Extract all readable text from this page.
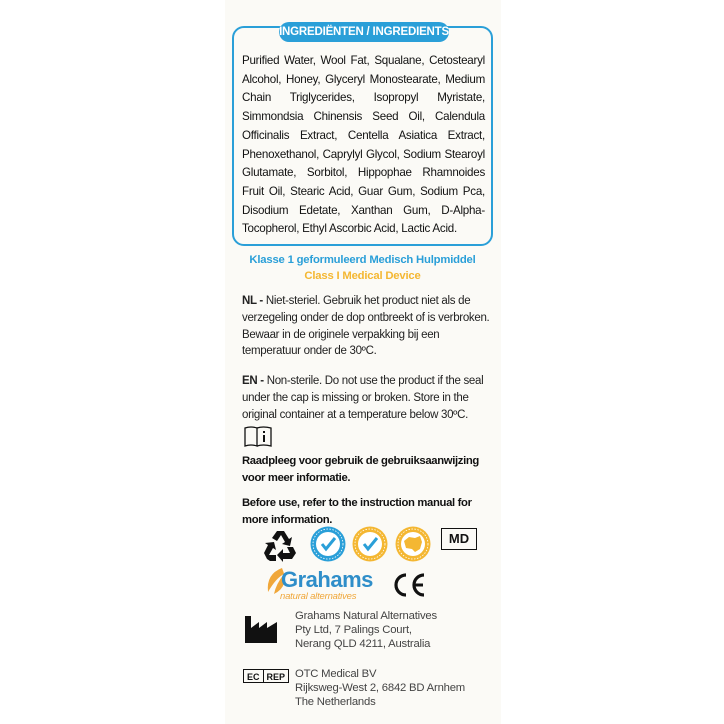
INGREDIËNTEN / INGREDIENTS
Purified Water, Wool Fat, Squalane, Cetostearyl Alcohol, Honey, Glyceryl Monostearate, Medium Chain Triglycerides, Isopropyl Myristate, Simmondsia Chinensis Seed Oil, Calendula Officinalis Extract, Centella Asiatica Extract, Phenoxethanol, Caprylyl Glycol, Sodium Stearoyl Glutamate, Sorbitol, Hippophae Rhamnoides Fruit Oil, Stearic Acid, Guar Gum, Sodium Pca, Disodium Edetate, Xanthan Gum, D-Alpha-Tocopherol, Ethyl Ascorbic Acid, Lactic Acid.
Klasse 1 geformuleerd Medisch Hulpmiddel
Class I Medical Device
NL - Niet-steriel. Gebruik het product niet als de verzegeling onder de dop ontbreekt of is verbroken. Bewaar in de originele verpakking bij een temperatuur onder de 30ºC.
EN - Non-sterile. Do not use the product if the seal under the cap is missing or broken. Store in the original container at a temperature below 30ºC.
Raadpleeg voor gebruik de gebruiksaanwijzing voor meer informatie.
Before use, refer to the instruction manual for more information.
MD
Grahams
natural alternatives
Grahams Natural Alternatives
Pty Ltd, 7 Palings Court,
Nerang QLD 4211, Australia
EC REP OTC Medical BV
Rijksweg-West 2, 6842 BD Arnhem
The Netherlands
